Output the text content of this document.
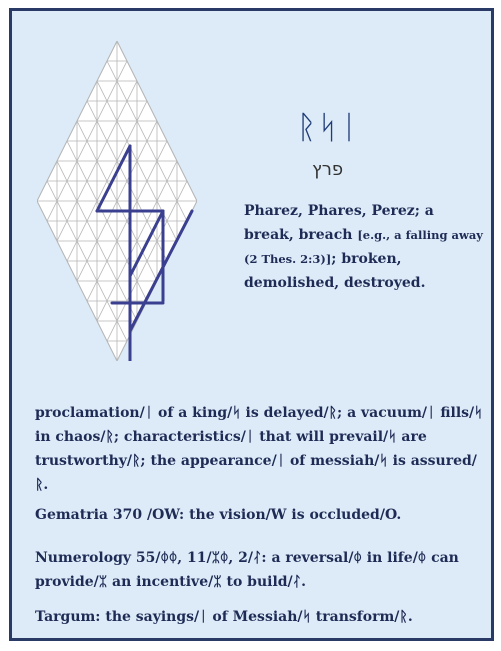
ᚱᛋᛁ
פרץ
Pharez, Phares, Perez; a break, breach [e.g., a falling away (2 Thes. 2:3)]; broken, demolished, destroyed.

proclamation/ᛁ of a king/ᛋ is delayed/ᚱ; a vacuum/ᛁ fills/ᛋ in chaos/ᚱ; characteristics/ᛁ that will prevail/ᛋ are trustworthy/ᚱ; the appearance/ᛁ of messiah/ᛋ is assured/ᚱ.

Gematria 370 /OW: the vision/W is occluded/O.

Numerology 55/ᛰᛰ, 11/ᛯᛰ, 2/ᛮ: a reversal/ᛰ in life/ᛰ can provide/ᛯ an incentive/ᛯ to build/ᛮ.

Targum: the sayings/ᛁ of Messiah/ᛋ transform/ᚱ.
